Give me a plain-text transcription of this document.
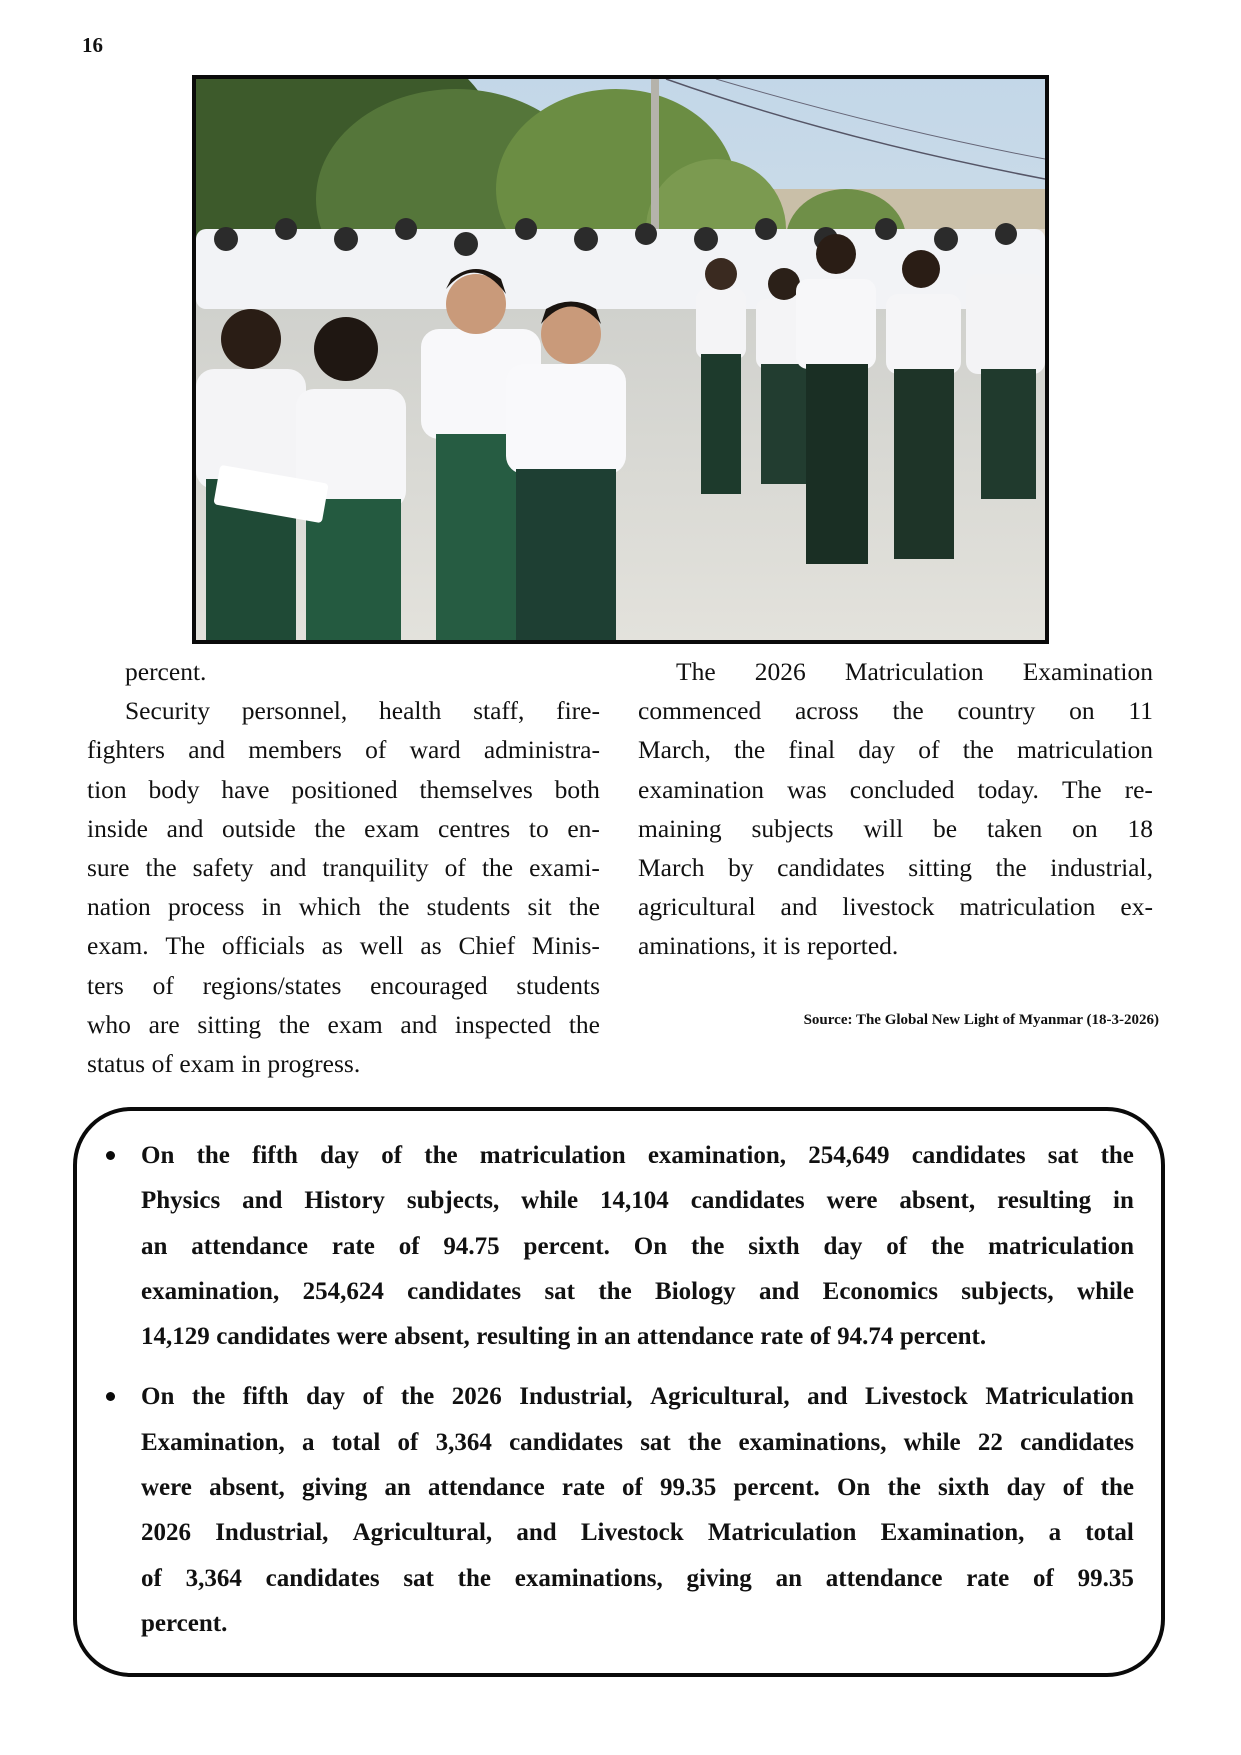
16
percent.
Security personnel, health staff, fire-
fighters and members of ward administra-
tion body have positioned themselves both
inside and outside the exam centres to en-
sure the safety and tranquility of the exami-
nation process in which the students sit the
exam. The officials as well as Chief Minis-
ters of regions/states encouraged students
who are sitting the exam and inspected the
status of exam in progress.
The 2026 Matriculation Examination
commenced across the country on 11
March, the final day of the matriculation
examination was concluded today. The re-
maining subjects will be taken on 18
March by candidates sitting the industrial,
agricultural and livestock matriculation ex-
aminations, it is reported.
Source: The Global New Light of Myanmar (18-3-2026)
On the fifth day of the matriculation examination, 254,649 candidates sat the
Physics and History subjects, while 14,104 candidates were absent, resulting in
an attendance rate of 94.75 percent. On the sixth day of the matriculation
examination, 254,624 candidates sat the Biology and Economics subjects, while
14,129 candidates were absent, resulting in an attendance rate of 94.74 percent.
On the fifth day of the 2026 Industrial, Agricultural, and Livestock Matriculation
Examination, a total of 3,364 candidates sat the examinations, while 22 candidates
were absent, giving an attendance rate of 99.35 percent. On the sixth day of the
2026 Industrial, Agricultural, and Livestock Matriculation Examination, a total
of 3,364 candidates sat the examinations, giving an attendance rate of 99.35
percent.
